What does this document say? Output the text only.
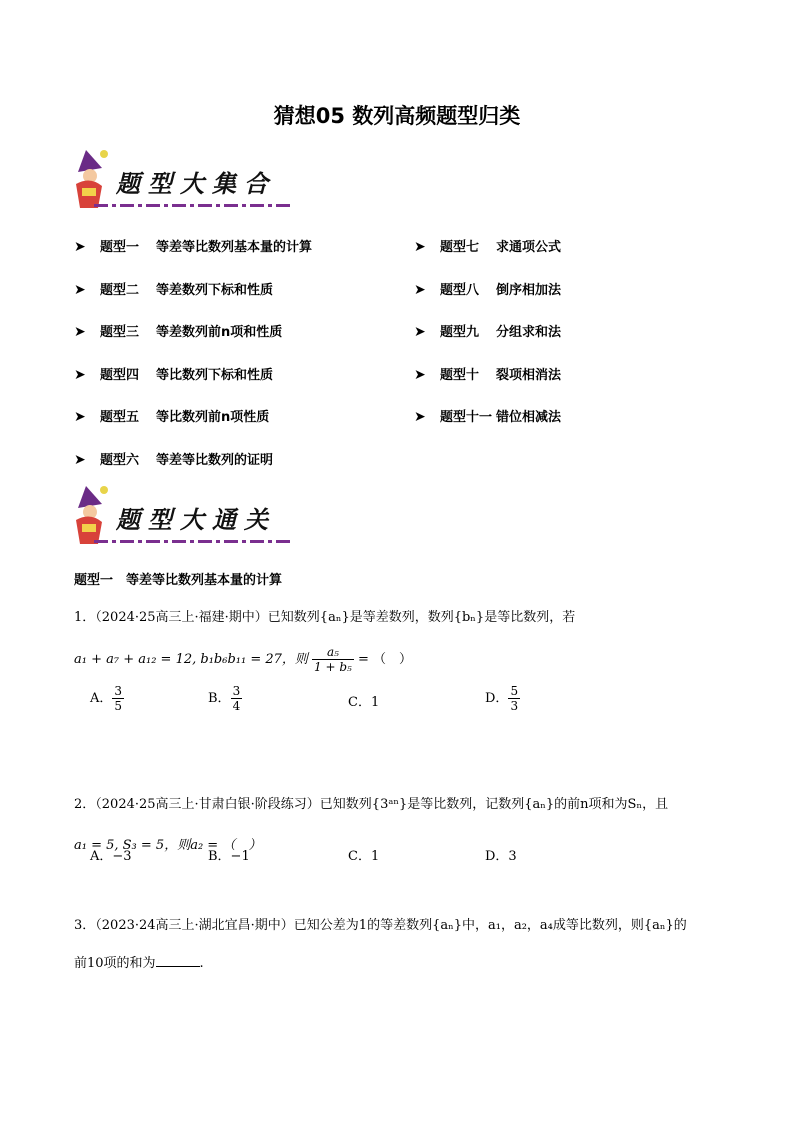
猜想05 数列高频题型归类
题型大集合
➤ 题型一 等差等比数列基本量的计算
➤ 题型二 等差数列下标和性质
➤ 题型三 等差数列前n项和性质
➤ 题型四 等比数列下标和性质
➤ 题型五 等比数列前n项性质
➤ 题型六 等差等比数列的证明
➤ 题型七 求通项公式
➤ 题型八 倒序相加法
➤ 题型九 分组求和法
➤ 题型十 裂项相消法
➤ 题型十一 错位相减法
题型大通关
题型一　等差等比数列基本量的计算
1．（2024·25高三上·福建·期中）已知数列{aₙ}是等差数列，数列{bₙ}是等比数列，若
a₁ + a₇ + a₁₂ = 12, b₁b₆b₁₁ = 27，则 $\frac{\text{a₅}}{\text{1 + b₅}}$ = （　）
A． $\frac{3}{5}$	B． $\frac{3}{4}$	C．1	D． $\frac{5}{3}$
2．（2024·25高三上·甘肃白银·阶段练习）已知数列{3ᵃⁿ}是等比数列，记数列{aₙ}的前n项和为Sₙ，且
a₁ = 5, S₃ = 5，则a₂ = （　）
A．−3	B．−1	C．1	D．3
3．（2023·24高三上·湖北宜昌·期中）已知公差为1的等差数列{aₙ}中，a₁，a₂，a₄成等比数列，则{aₙ}的
前10项的和为	.
